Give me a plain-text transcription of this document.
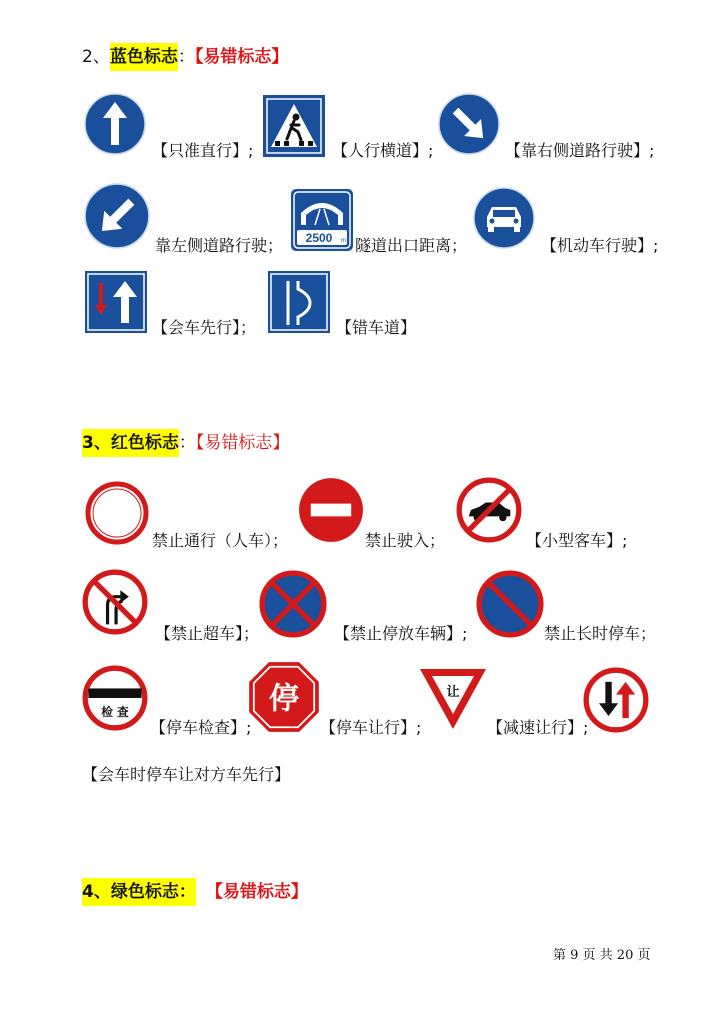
2、蓝色标志：【易错标志】
【只准直行】;	【人行横道】;	【靠右侧道路行驶】;
靠左侧道路行驶； 2500 m 隧道出口距离；	【机动车行驶】;
【会车先行】；	【错车道】
3、红色标志：【易错标志】
禁止通行（人车）；	禁止驶入；	【小型客车】;
【禁止超车】；	【禁止停放车辆】;	禁止长时停车；
检 查
【停车检查】;
停
【停车让行】;
让
【减速让行】;
【会车时停车让对方车先行】
4、绿色标志： 【易错标志】
第 9 页 共 20 页
